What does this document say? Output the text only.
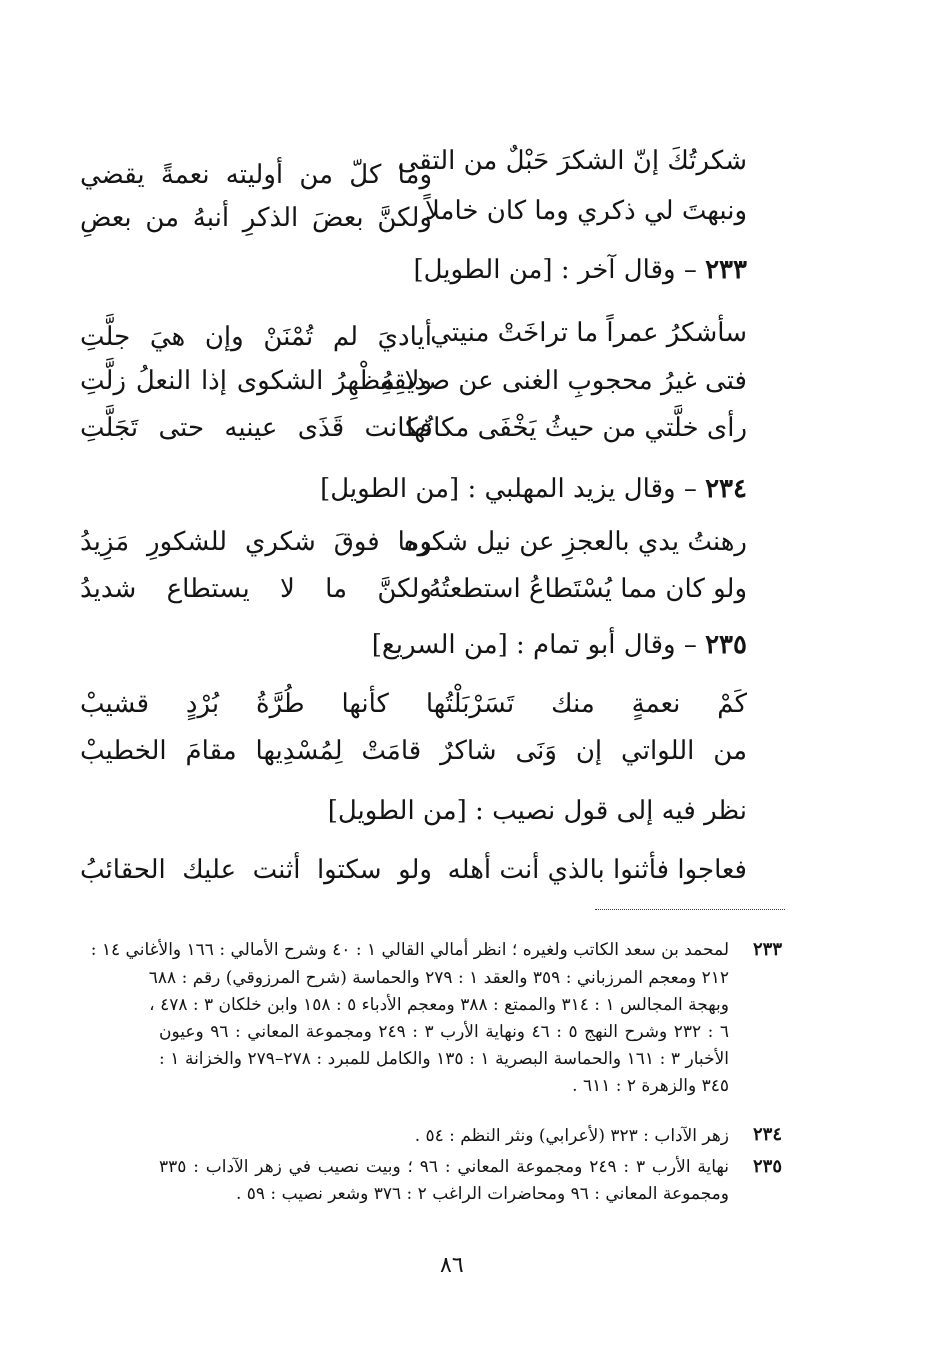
شكرتُكَ إنّ الشكرَ حَبْلٌ من التقى
وما كلّ من أوليته نعمةً يقضي
ونبهتَ لي ذكري وما كان خاملاً
ولكنَّ بعضَ الذكرِ أنبهُ من بعضِ
٢٣٣ – وقال آخر : [من الطويل]
سأشكرُ عمراً ما تراخَتْ منيتي
أياديَ لم تُمْنَنْ وإن هيَ جلَّتِ
فتى غيرُ محجوبِ الغنى عن صديقِهِ
ولا مُظْهِرُ الشكوى إذا النعلُ زلَّتِ
رأى خلَّتي من حيثُ يَخْفَى مكانُها
فكانت قَذَى عينيه حتى تَجَلَّتِ
٢٣٤ – وقال يزيد المهلبي : [من الطويل]
رهنتُ يدي بالعجزِ عن نيل شكره
وما فوقَ شكري للشكورِ مَزِيدُ
ولو كان مما يُسْتَطاعُ استطعتُهُ
ولكنَّ ما لا يستطاع شديدُ
٢٣٥ – وقال أبو تمام : [من السريع]
كَمْ نعمةٍ منك تَسَرْبَلْتُها كأنها طُرَّةُ بُرْدٍ قشيبْ
من اللواتي إن وَنَى شاكرٌ قامَتْ لِمُسْدِيها مقامَ الخطيبْ
نظر فيه إلى قول نصيب : [من الطويل]
فعاجوا فأثنوا بالذي أنت أهله
ولو سكتوا أثنت عليك الحقائبُ
٢٣٣
لمحمد بن سعد الكاتب ولغيره ؛ انظر أمالي القالي ١ : ٤٠ وشرح الأمالي : ١٦٦ والأغاني ١٤ :
٢١٢ ومعجم المرزباني : ٣٥٩ والعقد ١ : ٢٧٩ والحماسة (شرح المرزوقي) رقم : ٦٨٨
وبهجة المجالس ١ : ٣١٤ والممتع : ٣٨٨ ومعجم الأدباء ٥ : ١٥٨ وابن خلكان ٣ : ٤٧٨ ،
٦ : ٢٣٢ وشرح النهج ٥ : ٤٦ ونهاية الأرب ٣ : ٢٤٩ ومجموعة المعاني : ٩٦ وعيون
الأخبار ٣ : ١٦١ والحماسة البصرية ١ : ١٣٥ والكامل للمبرد : ٢٧٨–٢٧٩ والخزانة ١ :
٣٤٥ والزهرة ٢ : ٦١١ .
٢٣٤
زهر الآداب : ٣٢٣ (لأعرابي) ونثر النظم : ٥٤ .
٢٣٥
نهاية الأرب ٣ : ٢٤٩ ومجموعة المعاني : ٩٦ ؛ وبيت نصيب في زهر الآداب : ٣٣٥
ومجموعة المعاني : ٩٦ ومحاضرات الراغب ٢ : ٣٧٦ وشعر نصيب : ٥٩ .
٨٦
